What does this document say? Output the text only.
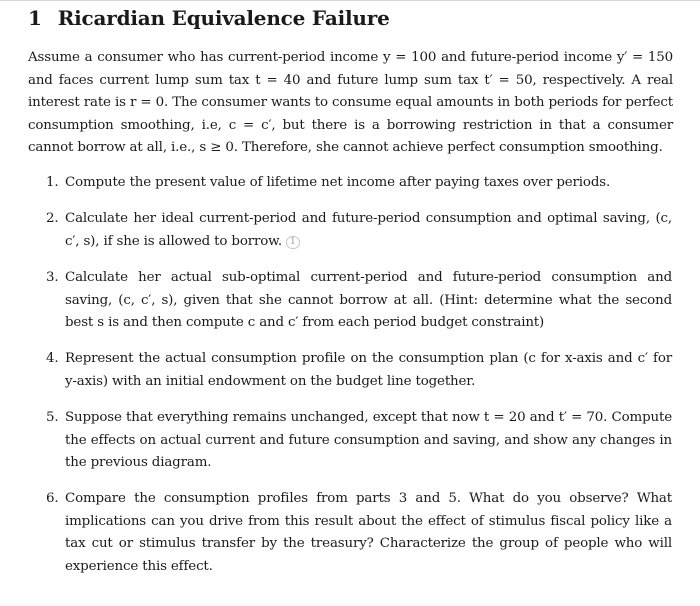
1 Ricardian Equivalence Failure

Assume a consumer who has current-period income y = 100 and future-period income y′ = 150 and faces current lump sum tax t = 40 and future lump sum tax t′ = 50, respectively. A real interest rate is r = 0. The consumer wants to consume equal amounts in both periods for perfect consumption smoothing, i.e, c = c′, but there is a borrowing restriction in that a consumer cannot borrow at all, i.e., s ≥ 0. Therefore, she cannot achieve perfect consumption smoothing.

1. Compute the present value of lifetime net income after paying taxes over periods.
2. Calculate her ideal current-period and future-period consumption and optimal saving, (c, c′, s), if she is allowed to borrow. 1
3. Calculate her actual sub-optimal current-period and future-period consumption and saving, (c, c′, s), given that she cannot borrow at all. (Hint: determine what the second best s is and then compute c and c′ from each period budget constraint)
4. Represent the actual consumption profile on the consumption plan (c for x-axis and c′ for y-axis) with an initial endowment on the budget line together.
5. Suppose that everything remains unchanged, except that now t = 20 and t′ = 70. Compute the effects on actual current and future consumption and saving, and show any changes in the previous diagram.
6. Compare the consumption profiles from parts 3 and 5. What do you observe? What implications can you drive from this result about the effect of stimulus fiscal policy like a tax cut or stimulus transfer by the treasury? Characterize the group of people who will experience this effect.
